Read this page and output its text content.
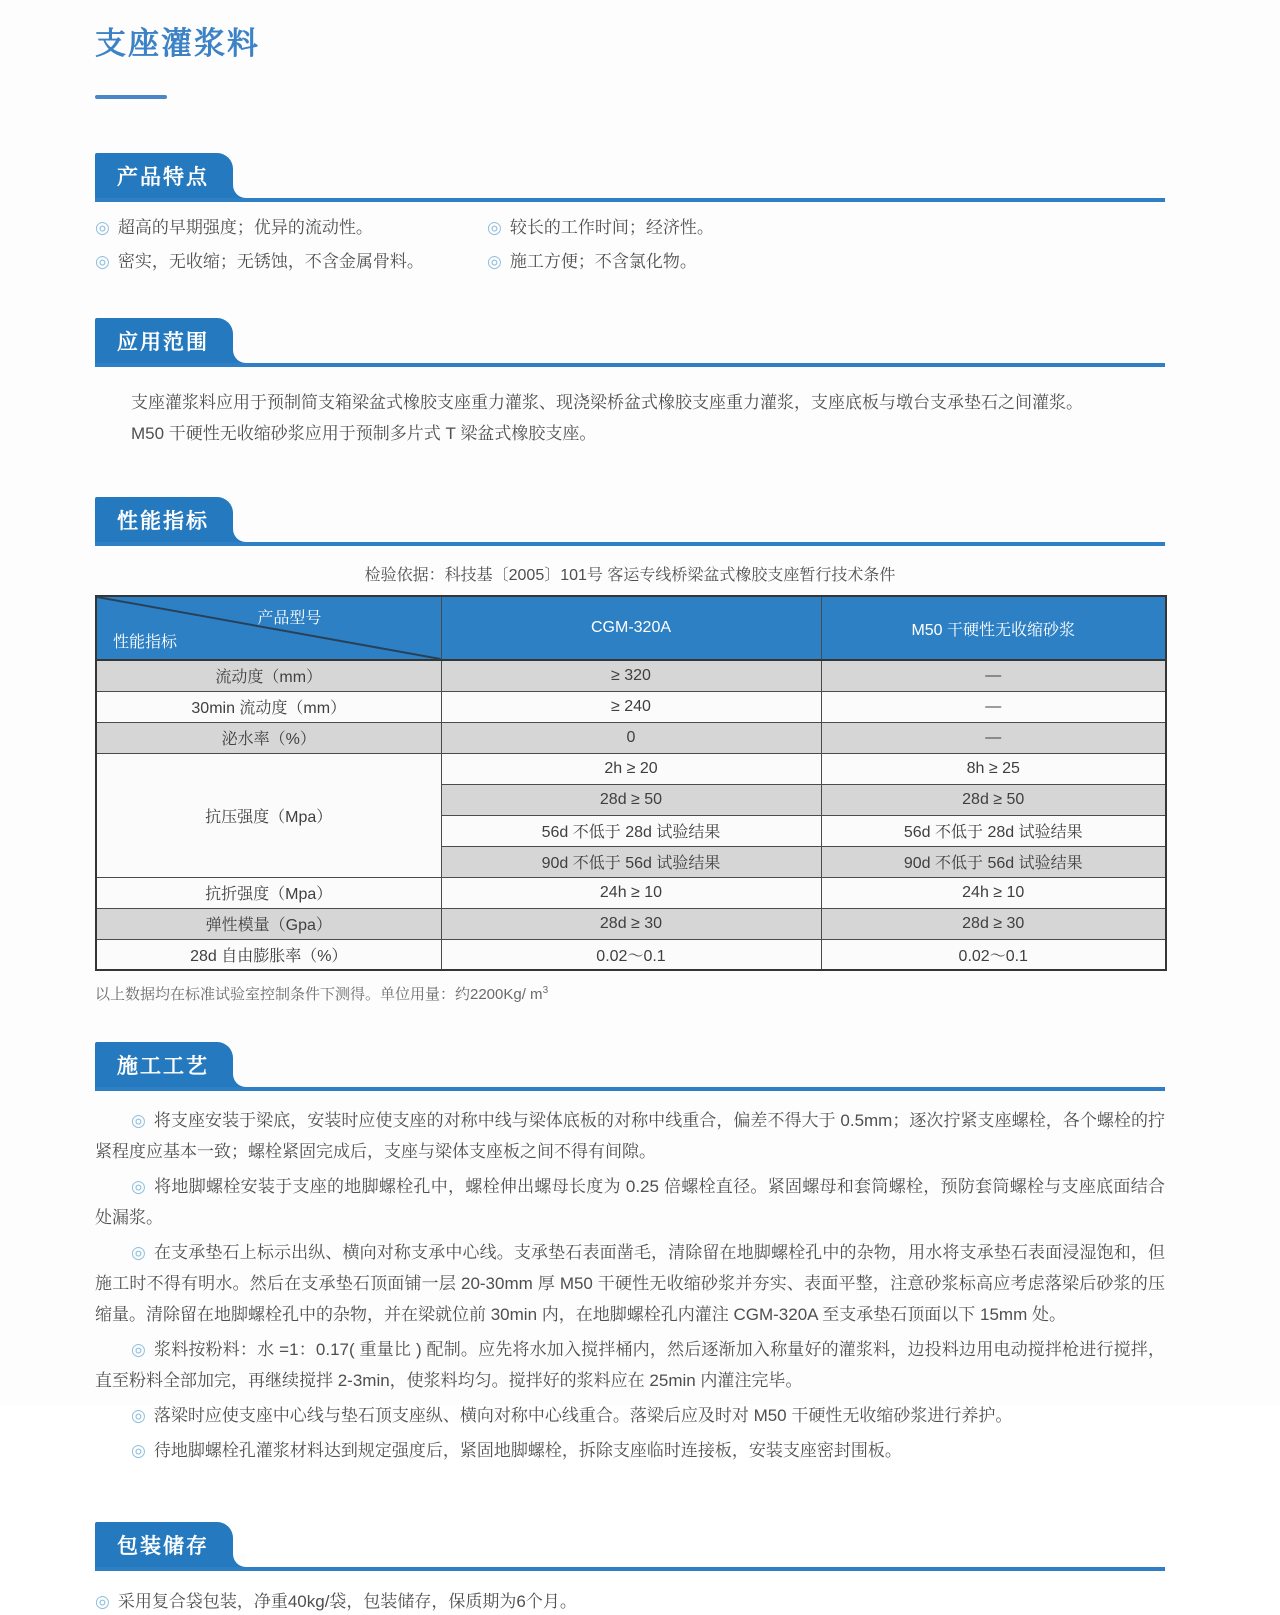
支座灌浆料
产品特点
◎ 超高的早期强度；优异的流动性。	◎ 较长的工作时间；经济性。
◎ 密实，无收缩；无锈蚀，不含金属骨料。	◎ 施工方便；不含氯化物。
应用范围

支座灌浆料应用于预制简支箱梁盆式橡胶支座重力灌浆、现浇梁桥盆式橡胶支座重力灌浆，支座底板与墩台支承垫石之间灌浆。

M50 干硬性无收缩砂浆应用于预制多片式 T 梁盆式橡胶支座。

性能指标
检验依据：科技基〔2005〕101号 客运专线桥梁盆式橡胶支座暂行技术条件
产品型号
性能指标	CGM-320A	M50 干硬性无收缩砂浆
流动度（mm）	≥ 320	—
30min 流动度（mm）	≥ 240	—
泌水率（%）	0	—
抗压强度（Mpa）	2h ≥ 20	8h ≥ 25
	28d ≥ 50	28d ≥ 50
	56d 不低于 28d 试验结果	56d 不低于 28d 试验结果
	90d 不低于 56d 试验结果	90d 不低于 56d 试验结果
抗折强度（Mpa）	24h ≥ 10	24h ≥ 10
弹性模量（Gpa）	28d ≥ 30	28d ≥ 30
28d 自由膨胀率（%）	0.02～0.1	0.02～0.1
以上数据均在标准试验室控制条件下测得。单位用量：约2200Kg/ $m^3$
施工工艺

◎ 将支座安装于梁底，安装时应使支座的对称中线与梁体底板的对称中线重合，偏差不得大于 0.5mm；逐次拧紧支座螺栓，各个螺栓的拧紧程度应基本一致；螺栓紧固完成后，支座与梁体支座板之间不得有间隙。

◎ 将地脚螺栓安装于支座的地脚螺栓孔中，螺栓伸出螺母长度为 0.25 倍螺栓直径。紧固螺母和套筒螺栓，预防套筒螺栓与支座底面结合处漏浆。

◎ 在支承垫石上标示出纵、横向对称支承中心线。支承垫石表面凿毛，清除留在地脚螺栓孔中的杂物，用水将支承垫石表面浸湿饱和，但施工时不得有明水。然后在支承垫石顶面铺一层 20-30mm 厚 M50 干硬性无收缩砂浆并夯实、表面平整，注意砂浆标高应考虑落梁后砂浆的压缩量。清除留在地脚螺栓孔中的杂物，并在梁就位前 30min 内，在地脚螺栓孔内灌注 CGM-320A 至支承垫石顶面以下 15mm 处。

◎ 浆料按粉料：水 =1：0.17( 重量比 ) 配制。应先将水加入搅拌桶内，然后逐渐加入称量好的灌浆料，边投料边用电动搅拌枪进行搅拌，直至粉料全部加完，再继续搅拌 2-3min，使浆料均匀。搅拌好的浆料应在 25min 内灌注完毕。

◎ 落梁时应使支座中心线与垫石顶支座纵、横向对称中心线重合。落梁后应及时对 M50 干硬性无收缩砂浆进行养护。

◎ 待地脚螺栓孔灌浆材料达到规定强度后，紧固地脚螺栓，拆除支座临时连接板，安装支座密封围板。

包装储存
◎ 采用复合袋包装，净重40kg/袋，包装储存，保质期为6个月。
